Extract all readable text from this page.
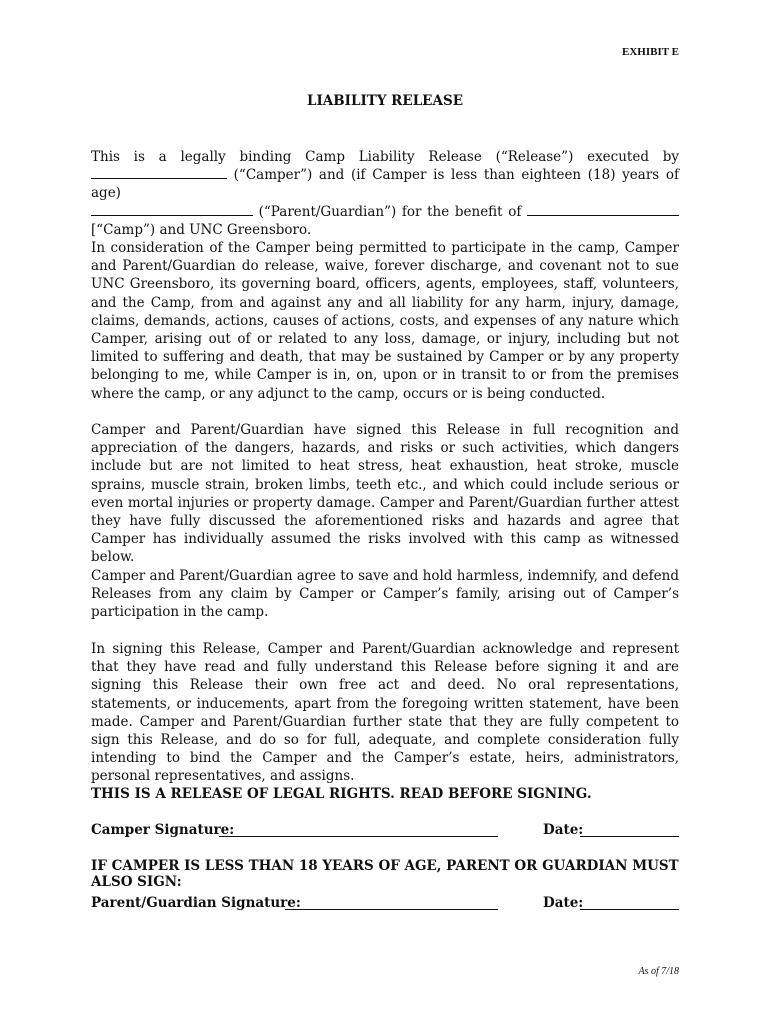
EXHIBIT E
LIABILITY RELEASE

This is a legally binding Camp Liability Release (“Release”) executed by

(“Camper”) and (if Camper is less than eighteen (18) years of age)

(“Parent/Guardian”) for the benefit of

[“Camp”) and UNC Greensboro.

In consideration of the Camper being permitted to participate in the camp, Camper and Parent/Guardian do release, waive, forever discharge, and covenant not to sue UNC Greensboro, its governing board, officers, agents, employees, staff, volunteers, and the Camp, from and against any and all liability for any harm, injury, damage, claims, demands, actions, causes of actions, costs, and expenses of any nature which Camper, arising out of or related to any loss, damage, or injury, including but not limited to suffering and death, that may be sustained by Camper or by any property belonging to me, while Camper is in, on, upon or in transit to or from the premises where the camp, or any adjunct to the camp, occurs or is being conducted.

Camper and Parent/Guardian have signed this Release in full recognition and appreciation of the dangers, hazards, and risks or such activities, which dangers include but are not limited to heat stress, heat exhaustion, heat stroke, muscle sprains, muscle strain, broken limbs, teeth etc., and which could include serious or even mortal injuries or property damage. Camper and Parent/Guardian further attest they have fully discussed the aforementioned risks and hazards and agree that Camper has individually assumed the risks involved with this camp as witnessed below.

Camper and Parent/Guardian agree to save and hold harmless, indemnify, and defend Releases from any claim by Camper or Camper’s family, arising out of Camper’s participation in the camp.

In signing this Release, Camper and Parent/Guardian acknowledge and represent that they have read and fully understand this Release before signing it and are signing this Release their own free act and deed. No oral representations, statements, or inducements, apart from the foregoing written statement, have been made. Camper and Parent/Guardian further state that they are fully competent to sign this Release, and do so for full, adequate, and complete consideration fully intending to bind the Camper and the Camper’s estate, heirs, administrators, personal representatives, and assigns.

THIS IS A RELEASE OF LEGAL RIGHTS. READ BEFORE SIGNING.
Camper Signature:	Date:
IF CAMPER IS LESS THAN 18 YEARS OF AGE, PARENT OR GUARDIAN MUST ALSO SIGN:
Parent/Guardian Signature:	Date:
As of 7/18
